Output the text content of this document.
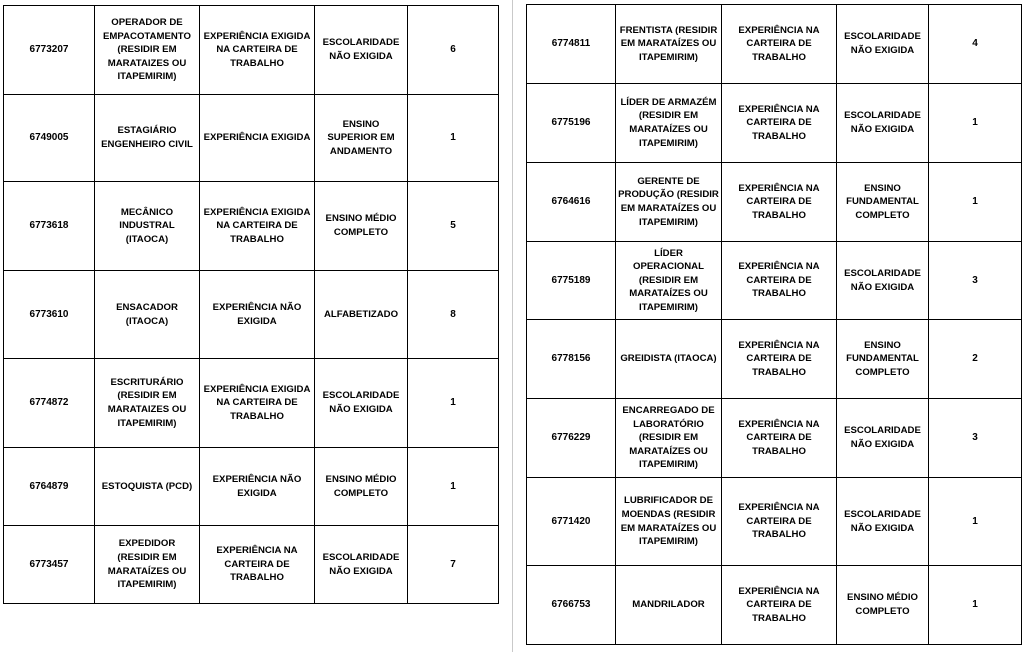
6773207	OPERADOR DE EMPACOTAMENTO (RESIDIR EM MARATAIZES OU ITAPEMIRIM)	EXPERIÊNCIA EXIGIDA NA CARTEIRA DE TRABALHO	ESCOLARIDADE NÃO EXIGIDA	6
6749005	ESTAGIÁRIO ENGENHEIRO CIVIL	EXPERIÊNCIA EXIGIDA	ENSINO SUPERIOR EM ANDAMENTO	1
6773618	MECÂNICO INDUSTRAL (ITAOCA)	EXPERIÊNCIA EXIGIDA NA CARTEIRA DE TRABALHO	ENSINO MÉDIO COMPLETO	5
6773610	ENSACADOR (ITAOCA)	EXPERIÊNCIA NÃO EXIGIDA	ALFABETIZADO	8
6774872	ESCRITURÁRIO (RESIDIR EM MARATAIZES OU ITAPEMIRIM)	EXPERIÊNCIA EXIGIDA NA CARTEIRA DE TRABALHO	ESCOLARIDADE NÃO EXIGIDA	1
6764879	ESTOQUISTA (PCD)	EXPERIÊNCIA NÃO EXIGIDA	ENSINO MÉDIO COMPLETO	1
6773457	EXPEDIDOR (RESIDIR EM MARATAÍZES OU ITAPEMIRIM)	EXPERIÊNCIA NA CARTEIRA DE TRABALHO	ESCOLARIDADE NÃO EXIGIDA	7
6774811	FRENTISTA (RESIDIR EM MARATAÍZES OU ITAPEMIRIM)	EXPERIÊNCIA NA CARTEIRA DE TRABALHO	ESCOLARIDADE NÃO EXIGIDA	4
6775196	LÍDER DE ARMAZÉM (RESIDIR EM MARATAÍZES OU ITAPEMIRIM)	EXPERIÊNCIA NA CARTEIRA DE TRABALHO	ESCOLARIDADE NÃO EXIGIDA	1
6764616	GERENTE DE PRODUÇÃO (RESIDIR EM MARATAÍZES OU ITAPEMIRIM)	EXPERIÊNCIA NA CARTEIRA DE TRABALHO	ENSINO FUNDAMENTAL COMPLETO	1
6775189	LÍDER OPERACIONAL (RESIDIR EM MARATAÍZES OU ITAPEMIRIM)	EXPERIÊNCIA NA CARTEIRA DE TRABALHO	ESCOLARIDADE NÃO EXIGIDA	3
6778156	GREIDISTA (ITAOCA)	EXPERIÊNCIA NA CARTEIRA DE TRABALHO	ENSINO FUNDAMENTAL COMPLETO	2
6776229	ENCARREGADO DE LABORATÓRIO (RESIDIR EM MARATAÍZES OU ITAPEMIRIM)	EXPERIÊNCIA NA CARTEIRA DE TRABALHO	ESCOLARIDADE NÃO EXIGIDA	3
6771420	LUBRIFICADOR DE MOENDAS (RESIDIR EM MARATAÍZES OU ITAPEMIRIM)	EXPERIÊNCIA NA CARTEIRA DE TRABALHO	ESCOLARIDADE NÃO EXIGIDA	1
6766753	MANDRILADOR	EXPERIÊNCIA NA CARTEIRA DE TRABALHO	ENSINO MÉDIO COMPLETO	1
